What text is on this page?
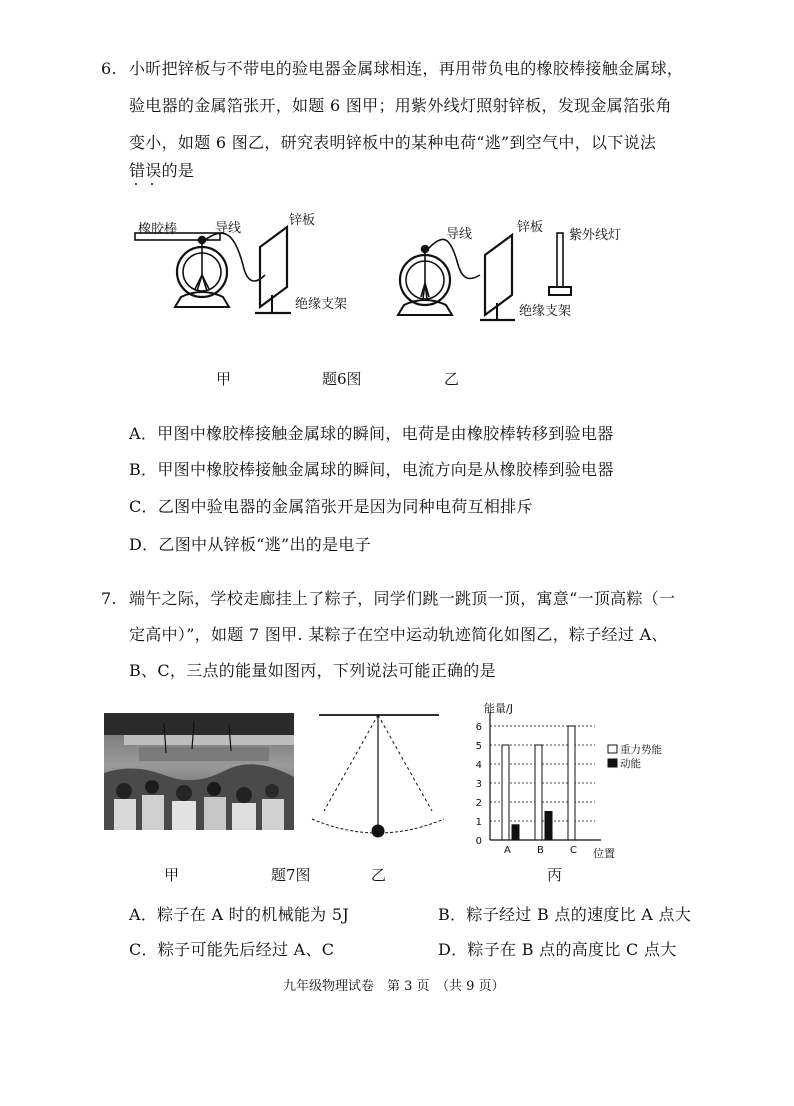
6. 小昕把锌板与不带电的验电器金属球相连，再用带负电的橡胶棒接触金属球，
验电器的金属箔张开，如题 6 图甲；用紫外线灯照射锌板，发现金属箔张角
变小，如题 6 图乙，研究表明锌板中的某种电荷“逃”到空气中，以下说法
错误的是
橡胶棒	导线
锌板
绝缘支架
导线	锌板
紫外线灯
绝缘支架
甲	题6图	乙
A．甲图中橡胶棒接触金属球的瞬间，电荷是由橡胶棒转移到验电器
B．甲图中橡胶棒接触金属球的瞬间，电流方向是从橡胶棒到验电器
C．乙图中验电器的金属箔张开是因为同种电荷互相排斥
D．乙图中从锌板“逃”出的是电子
7. 端午之际，学校走廊挂上了粽子，同学们跳一跳顶一顶，寓意“一顶高粽（一
定高中）”，如题 7 图甲. 某粽子在空中运动轨迹简化如图乙，粽子经过 A、
B、C，三点的能量如图丙，下列说法可能正确的是
0
1
2
3
4
5
6
A	B	C
能量/J
位置
重力势能
动能
甲	题7图	乙	丙
A．粽子在 A 时的机械能为 5J	B．粽子经过 B 点的速度比 A 点大
C．粽子可能先后经过 A、C	D．粽子在 B 点的高度比 C 点大
九年级物理试卷　第 3 页　（共 9 页）
